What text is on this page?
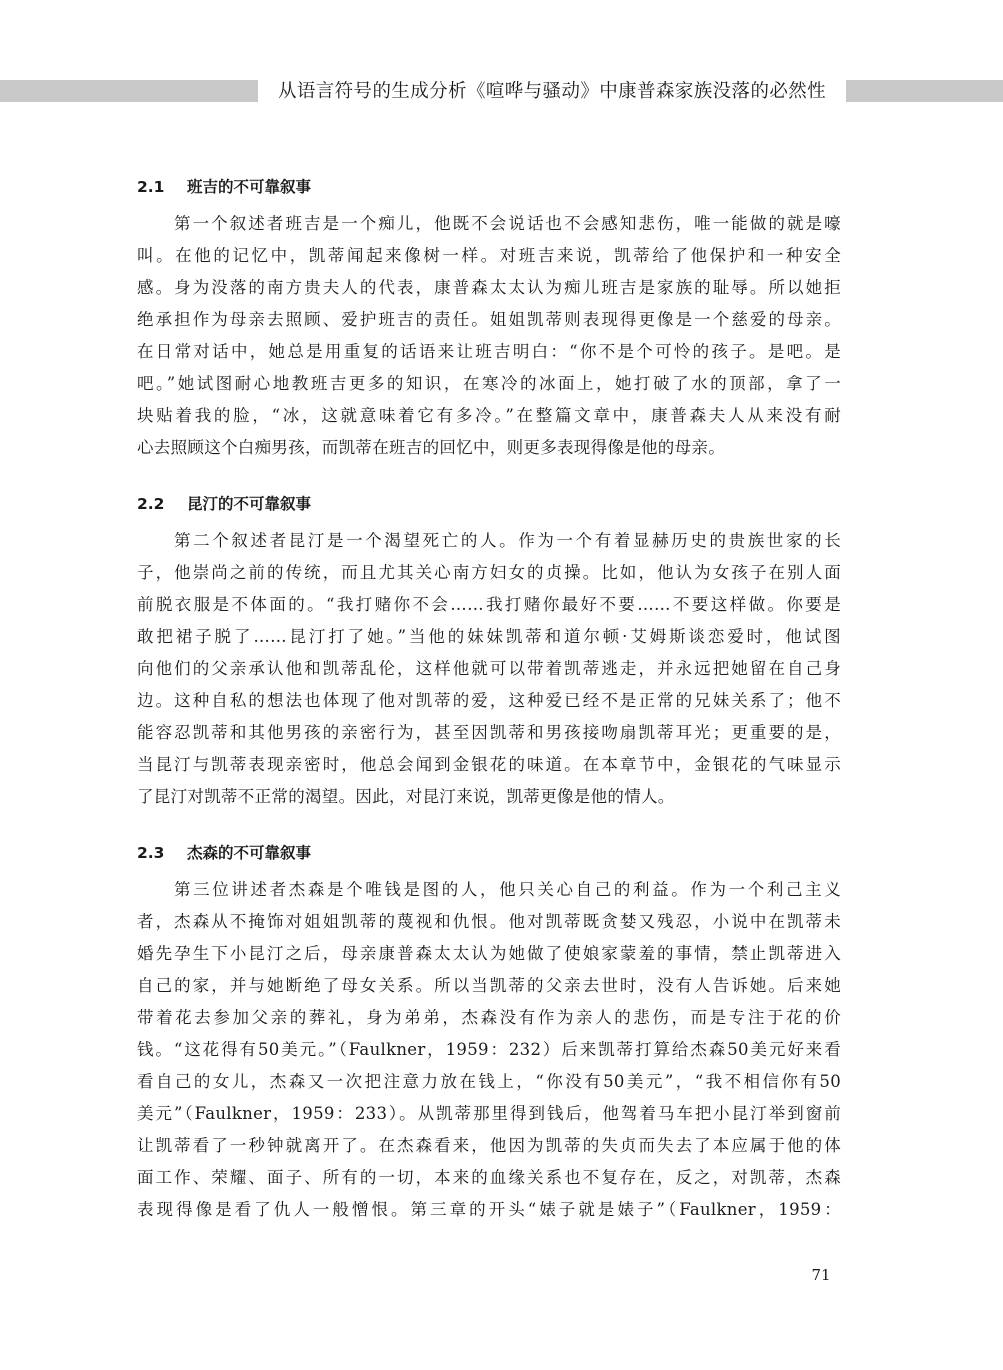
从语言符号的生成分析《喧哗与骚动》中康普森家族没落的必然性
2.1 班吉的不可靠叙事
第一个叙述者班吉是一个痴儿，他既不会说话也不会感知悲伤，唯一能做的就是嚎
叫。在他的记忆中，凯蒂闻起来像树一样。对班吉来说，凯蒂给了他保护和一种安全
感。身为没落的南方贵夫人的代表，康普森太太认为痴儿班吉是家族的耻辱。所以她拒
绝承担作为母亲去照顾、爱护班吉的责任。姐姐凯蒂则表现得更像是一个慈爱的母亲。
在日常对话中，她总是用重复的话语来让班吉明白：“你不是个可怜的孩子。是吧。是
吧。”她试图耐心地教班吉更多的知识，在寒冷的冰面上，她打破了水的顶部，拿了一
块贴着我的脸，“冰，这就意味着它有多冷。”在整篇文章中，康普森夫人从来没有耐
心去照顾这个白痴男孩，而凯蒂在班吉的回忆中，则更多表现得像是他的母亲。
2.2 昆汀的不可靠叙事
第二个叙述者昆汀是一个渴望死亡的人。作为一个有着显赫历史的贵族世家的长
子，他崇尚之前的传统，而且尤其关心南方妇女的贞操。比如，他认为女孩子在别人面
前脱衣服是不体面的。“我打赌你不会……我打赌你最好不要……不要这样做。你要是
敢把裙子脱了……昆汀打了她。”当他的妹妹凯蒂和道尔顿·艾姆斯谈恋爱时，他试图
向他们的父亲承认他和凯蒂乱伦，这样他就可以带着凯蒂逃走，并永远把她留在自己身
边。这种自私的想法也体现了他对凯蒂的爱，这种爱已经不是正常的兄妹关系了；他不
能容忍凯蒂和其他男孩的亲密行为，甚至因凯蒂和男孩接吻扇凯蒂耳光；更重要的是，
当昆汀与凯蒂表现亲密时，他总会闻到金银花的味道。在本章节中，金银花的气味显示
了昆汀对凯蒂不正常的渴望。因此，对昆汀来说，凯蒂更像是他的情人。
2.3 杰森的不可靠叙事
第三位讲述者杰森是个唯钱是图的人，他只关心自己的利益。作为一个利己主义
者，杰森从不掩饰对姐姐凯蒂的蔑视和仇恨。他对凯蒂既贪婪又残忍，小说中在凯蒂未
婚先孕生下小昆汀之后，母亲康普森太太认为她做了使娘家蒙羞的事情，禁止凯蒂进入
自己的家，并与她断绝了母女关系。所以当凯蒂的父亲去世时，没有人告诉她。后来她
带着花去参加父亲的葬礼，身为弟弟，杰森没有作为亲人的悲伤，而是专注于花的价
钱。“这花得有50美元。”（Faulkner，1959：232）后来凯蒂打算给杰森50美元好来看
看自己的女儿，杰森又一次把注意力放在钱上，“你没有50美元”，“我不相信你有50
美元”（Faulkner，1959：233）。从凯蒂那里得到钱后，他驾着马车把小昆汀举到窗前
让凯蒂看了一秒钟就离开了。在杰森看来，他因为凯蒂的失贞而失去了本应属于他的体
面工作、荣耀、面子、所有的一切，本来的血缘关系也不复存在，反之，对凯蒂，杰森
表现得像是看了仇人一般憎恨。第三章的开头“婊子就是婊子”（Faulkner，1959：
71
